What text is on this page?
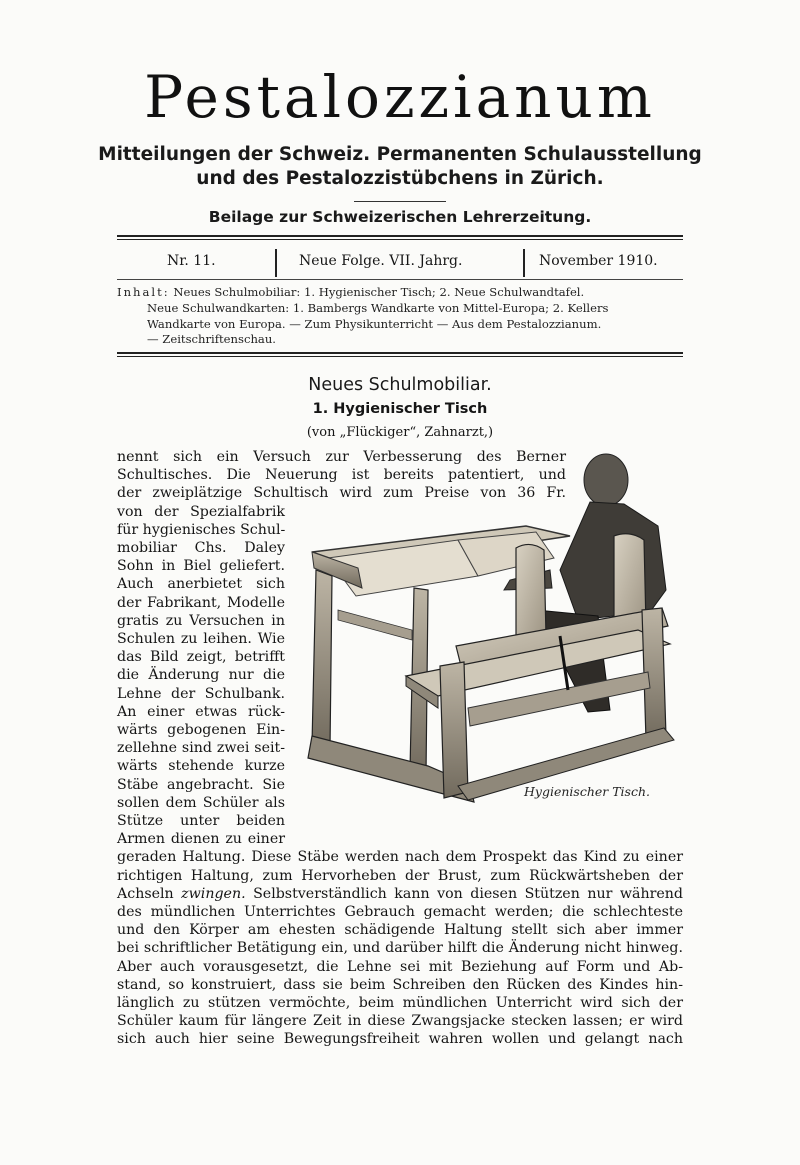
Pestalozzianum
Mitteilungen der Schweiz. Permanenten Schulausstellung
und des Pestalozzistübchens in Zürich.
Beilage zur Schweizerischen Lehrerzeitung.
Nr. 11.	Neue Folge. VII. Jahrg.	November 1910.
Inhalt: Neues Schulmobiliar: 1. Hygienischer Tisch; 2. Neue Schulwandtafel.
Neue Schulwandkarten: 1. Bambergs Wandkarte von Mittel-Europa; 2. Kellers
Wandkarte von Europa. — Zum Physikunterricht — Aus dem Pestalozzianum.
— Zeitschriftenschau.
Neues Schulmobiliar.
1. Hygienischer Tisch
(von „Flückiger“, Zahnarzt,)
nennt sich ein Versuch zur Verbesserung des Berner
Schultisches. Die Neuerung ist bereits patentiert, und
der zweiplätzige Schultisch wird zum Preise von 36 Fr.
von der Spezialfabrik
für hygienisches Schul-
mobiliar Chs. Daley
Sohn in Biel geliefert.
Auch anerbietet sich
der Fabrikant, Modelle
gratis zu Versuchen in
Schulen zu leihen. Wie
das Bild zeigt, betrifft
die Änderung nur die
Lehne der Schulbank.
An einer etwas rück-
wärts gebogenen Ein-
zellehne sind zwei seit-
wärts stehende kurze
Stäbe angebracht. Sie
sollen dem Schüler als
Stütze unter beiden
Armen dienen zu einer
geraden Haltung. Diese Stäbe werden nach dem Prospekt das Kind zu einer
richtigen Haltung, zum Hervorheben der Brust, zum Rückwärtsheben der
Achseln zwingen. Selbstverständlich kann von diesen Stützen nur während
des mündlichen Unterrichtes Gebrauch gemacht werden; die schlechteste
und den Körper am ehesten schädigende Haltung stellt sich aber immer
bei schriftlicher Betätigung ein, und darüber hilft die Änderung nicht hinweg.
Aber auch vorausgesetzt, die Lehne sei mit Beziehung auf Form und Ab-
stand, so konstruiert, dass sie beim Schreiben den Rücken des Kindes hin-
länglich zu stützen vermöchte, beim mündlichen Unterricht wird sich der
Schüler kaum für längere Zeit in diese Zwangsjacke stecken lassen; er wird
sich auch hier seine Bewegungsfreiheit wahren wollen und gelangt nach
Hygienischer Tisch.
